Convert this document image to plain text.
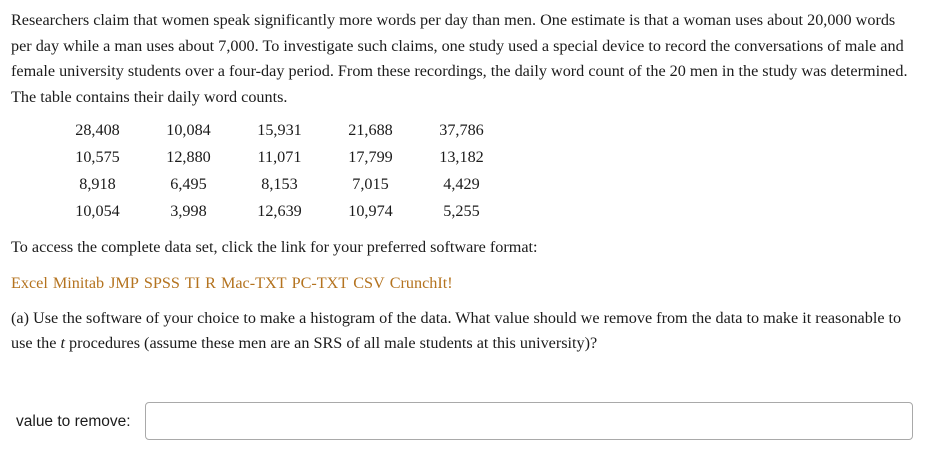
Researchers claim that women speak significantly more words per day than men. One estimate is that a woman uses about 20,000 words per day while a man uses about 7,000. To investigate such claims, one study used a special device to record the conversations of male and female university students over a four-day period. From these recordings, the daily word count of the 20 men in the study was determined. The table contains their daily word counts.

28,408	10,084	15,931	21,688	37,786
10,575	12,880	11,071	17,799	13,182
8,918	6,495	8,153	7,015	4,429
10,054	3,998	12,639	10,974	5,255

To access the complete data set, click the link for your preferred software format:

Excel Minitab JMP SPSS TI R Mac-TXT PC-TXT CSV CrunchIt!

(a) Use the software of your choice to make a histogram of the data. What value should we remove from the data to make it reasonable to use the t procedures (assume these men are an SRS of all male students at this university)?

value to remove:
